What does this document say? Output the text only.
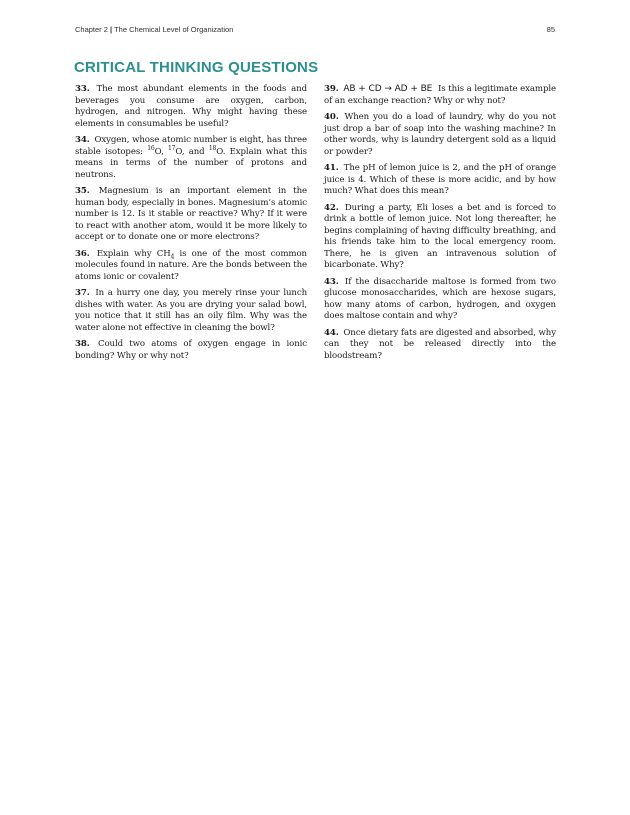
Chapter 2 | The Chemical Level of Organization	85
CRITICAL THINKING QUESTIONS

33. The most abundant elements in the foods and beverages you consume are oxygen, carbon, hydrogen, and nitrogen. Why might having these elements in consumables be useful?

34. Oxygen, whose atomic number is eight, has three stable isotopes: $^{16}$O, $^{17}$O, and $^{18}$O. Explain what this means in terms of the number of protons and neutrons.

35. Magnesium is an important element in the human body, especially in bones. Magnesium’s atomic number is 12. Is it stable or reactive? Why? If it were to react with another atom, would it be more likely to accept or to donate one or more electrons?

36. Explain why $CH_4$ is one of the most common molecules found in nature. Are the bonds between the atoms ionic or covalent?

37. In a hurry one day, you merely rinse your lunch dishes with water. As you are drying your salad bowl, you notice that it still has an oily film. Why was the water alone not effective in cleaning the bowl?

38. Could two atoms of oxygen engage in ionic bonding? Why or why not?

39. AB + CD → AD + BE Is this a legitimate example of an exchange reaction? Why or why not?

40. When you do a load of laundry, why do you not just drop a bar of soap into the washing machine? In other words, why is laundry detergent sold as a liquid or powder?

41. The pH of lemon juice is 2, and the pH of orange juice is 4. Which of these is more acidic, and by how much? What does this mean?

42. During a party, Eli loses a bet and is forced to drink a bottle of lemon juice. Not long thereafter, he begins complaining of having difficulty breathing, and his friends take him to the local emergency room. There, he is given an intravenous solution of bicarbonate. Why?

43. If the disaccharide maltose is formed from two glucose monosaccharides, which are hexose sugars, how many atoms of carbon, hydrogen, and oxygen does maltose contain and why?

44. Once dietary fats are digested and absorbed, why can they not be released directly into the bloodstream?
